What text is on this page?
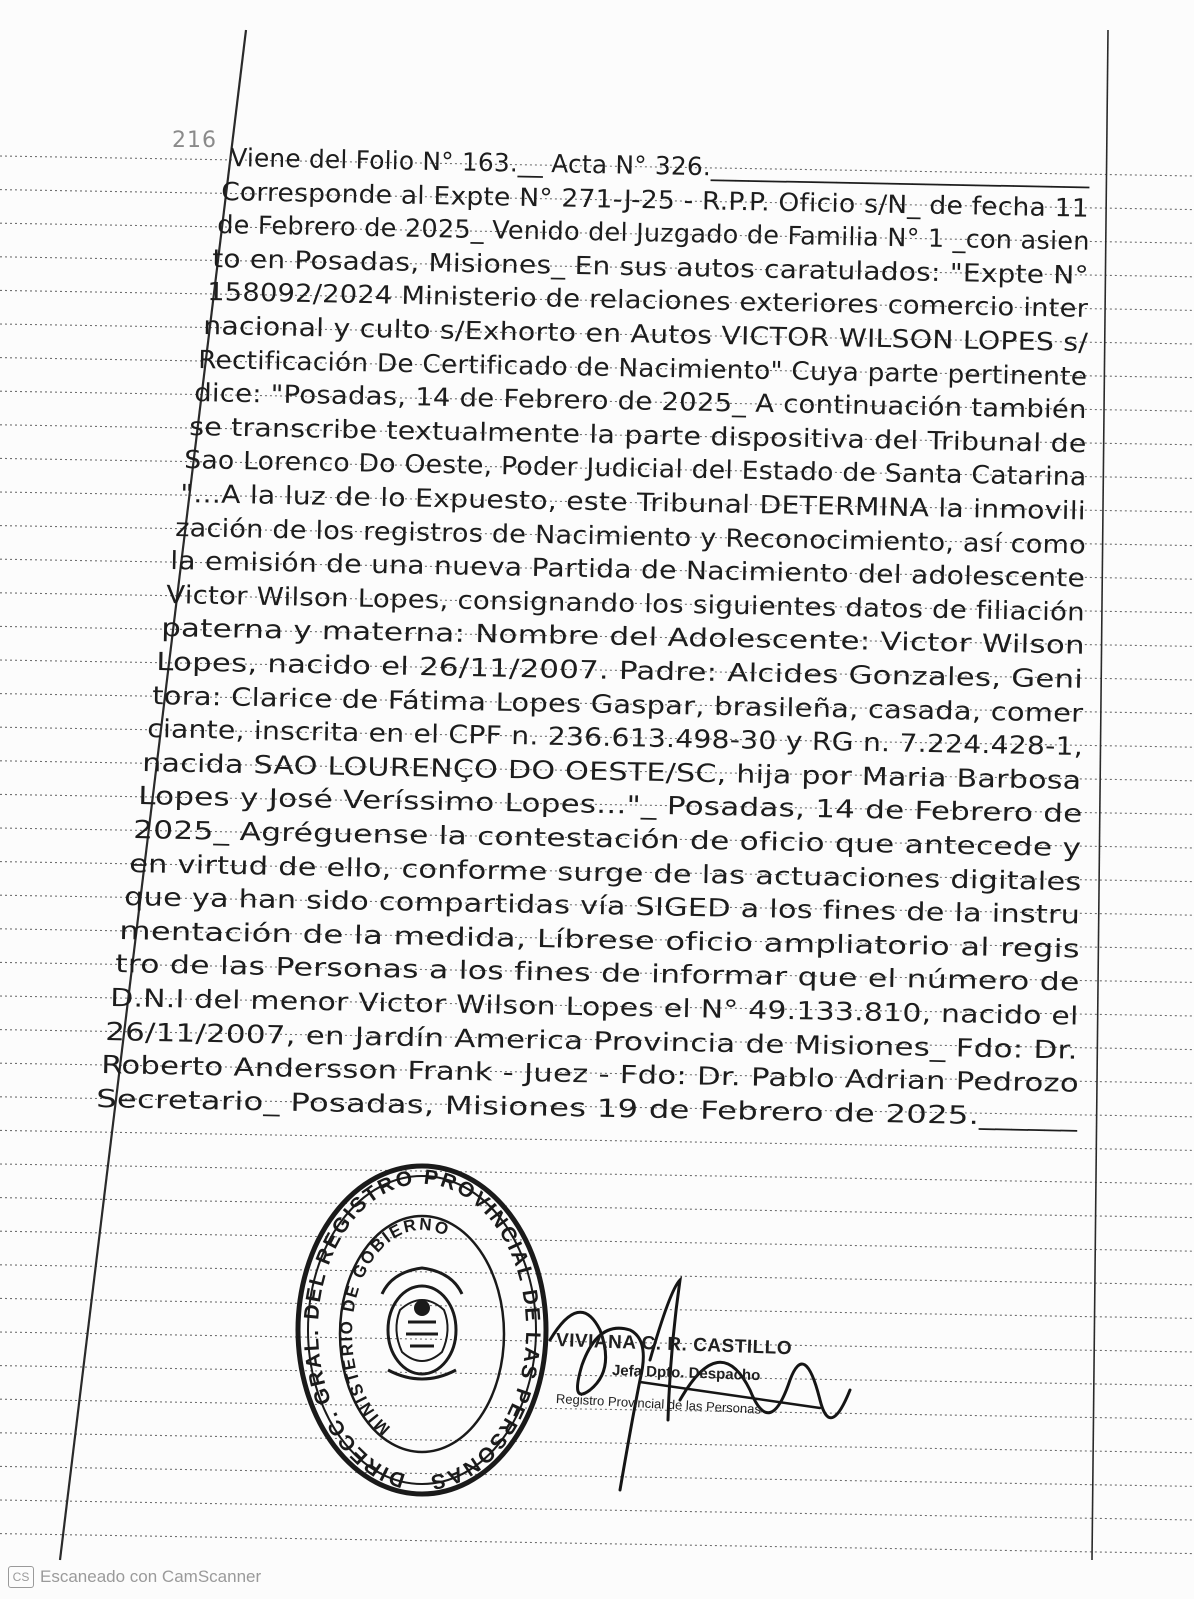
216
Viene del Folio N° 163.__ Acta N° 326.______________________________
Corresponde al Expte N° 271-J-25 - R.P.P. Oficio s/N_ de fecha 11
de Febrero de 2025_ Venido del Juzgado de Familia N° 1 _con asien
to en Posadas, Misiones_ En sus autos caratulados: "Expte N°
158092/2024 Ministerio de relaciones exteriores comercio inter
nacional y culto s/Exhorto en Autos VICTOR WILSON LOPES s/
Rectificación De Certificado de Nacimiento" Cuya parte pertinente
dice: "Posadas, 14 de Febrero de 2025_ A continuación también
se transcribe textualmente la parte dispositiva del Tribunal de
Sao Lorenco Do Oeste, Poder Judicial del Estado de Santa Catarina
"...A la luz de lo Expuesto, este Tribunal DETERMINA la inmovili
zación de los registros de Nacimiento y Reconocimiento, así como
la emisión de una nueva Partida de Nacimiento del adolescente
Victor Wilson Lopes, consignando los siguientes datos de filiación
paterna y materna: Nombre del Adolescente: Victor Wilson
Lopes, nacido el 26/11/2007. Padre: Alcides Gonzales, Geni
tora: Clarice de Fátima Lopes Gaspar, brasileña, casada, comer
ciante, inscrita en el CPF n. 236.613.498-30 y RG n. 7.224.428-1,
nacida SAO LOURENÇO DO OESTE/SC, hija por Maria Barbosa
Lopes y José Veríssimo Lopes..."_ Posadas, 14 de Febrero de
2025_ Agréguense la contestación de oficio que antecede y
en virtud de ello, conforme surge de las actuaciones digitales
que ya han sido compartidas vía SIGED a los fines de la instru
mentación de la medida, Líbrese oficio ampliatorio al regis
tro de las Personas a los fines de informar que el número de
D.N.I del menor Victor Wilson Lopes el N° 49.133.810, nacido el
26/11/2007, en Jardín America Provincia de Misiones_ Fdo: Dr.
Roberto Andersson Frank - Juez - Fdo: Dr. Pablo Adrian Pedrozo
Secretario_ Posadas, Misiones 19 de Febrero de 2025.______
DIRECC. GRAL. DEL REGISTRO PROVINCIAL DE LAS PERSONAS
MINISTERIO DE GOBIERNO
VIVIANA C. R. CASTILLO
Jefa Dpto. Despacho
Registro Provincial de las Personas
CS Escaneado con CamScanner
